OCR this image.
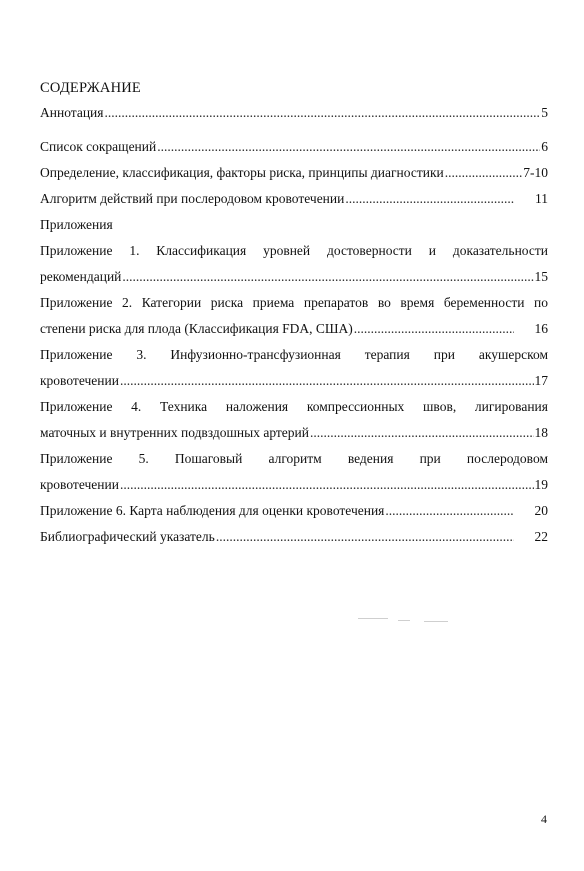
СОДЕРЖАНИЕ
Аннотация .....	5
Список сокращений .....	6
Определение, классификация, факторы риска, принципы диагностики .....	7-10
Алгоритм действий при послеродовом кровотечении .....	11
Приложения
Приложение 1. Классификация уровней достоверности и доказательности
рекомендаций .....	15
Приложение 2. Категории риска приема препаратов во время беременности по
степени риска для плода (Классификация FDA, США) .....	16
Приложение 3. Инфузионно-трансфузионная терапия при акушерском
кровотечении .....	17
Приложение 4. Техника наложения компрессионных швов, лигирования
маточных и внутренних подвздошных артерий .....	18
Приложение 5. Пошаговый алгоритм ведения при послеродовом
кровотечении .....	19
Приложение 6. Карта наблюдения для оценки кровотечения .....	20
Библиографический указатель .....	22
4
